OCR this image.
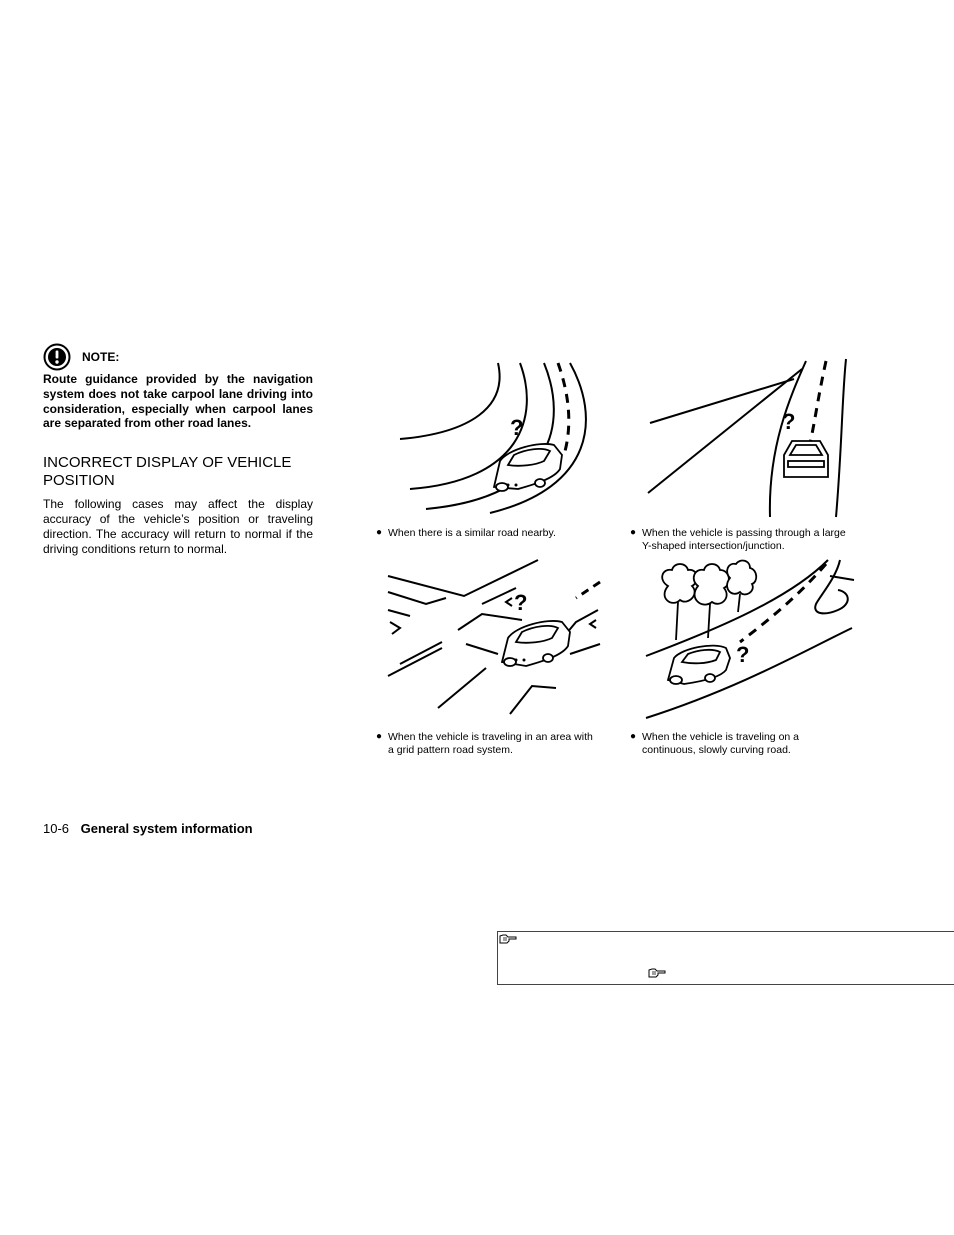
NOTE:

Route guidance provided by the navigation system does not take carpool lane driving into consideration, especially when carpool lanes are separated from other road lanes.

INCORRECT DISPLAY OF VEHICLE POSITION

The following cases may affect the display accuracy of the vehicle’s position or traveling direction. The accuracy will return to normal if the driving conditions return to normal.

?
● When there is a similar road nearby.
?
● When the vehicle is passing through a large Y-shaped intersection/junction.
?
● When the vehicle is traveling in an area with a grid pattern road system.
?
● When the vehicle is traveling on a continuous, slowly curving road.
10-6 General system information
